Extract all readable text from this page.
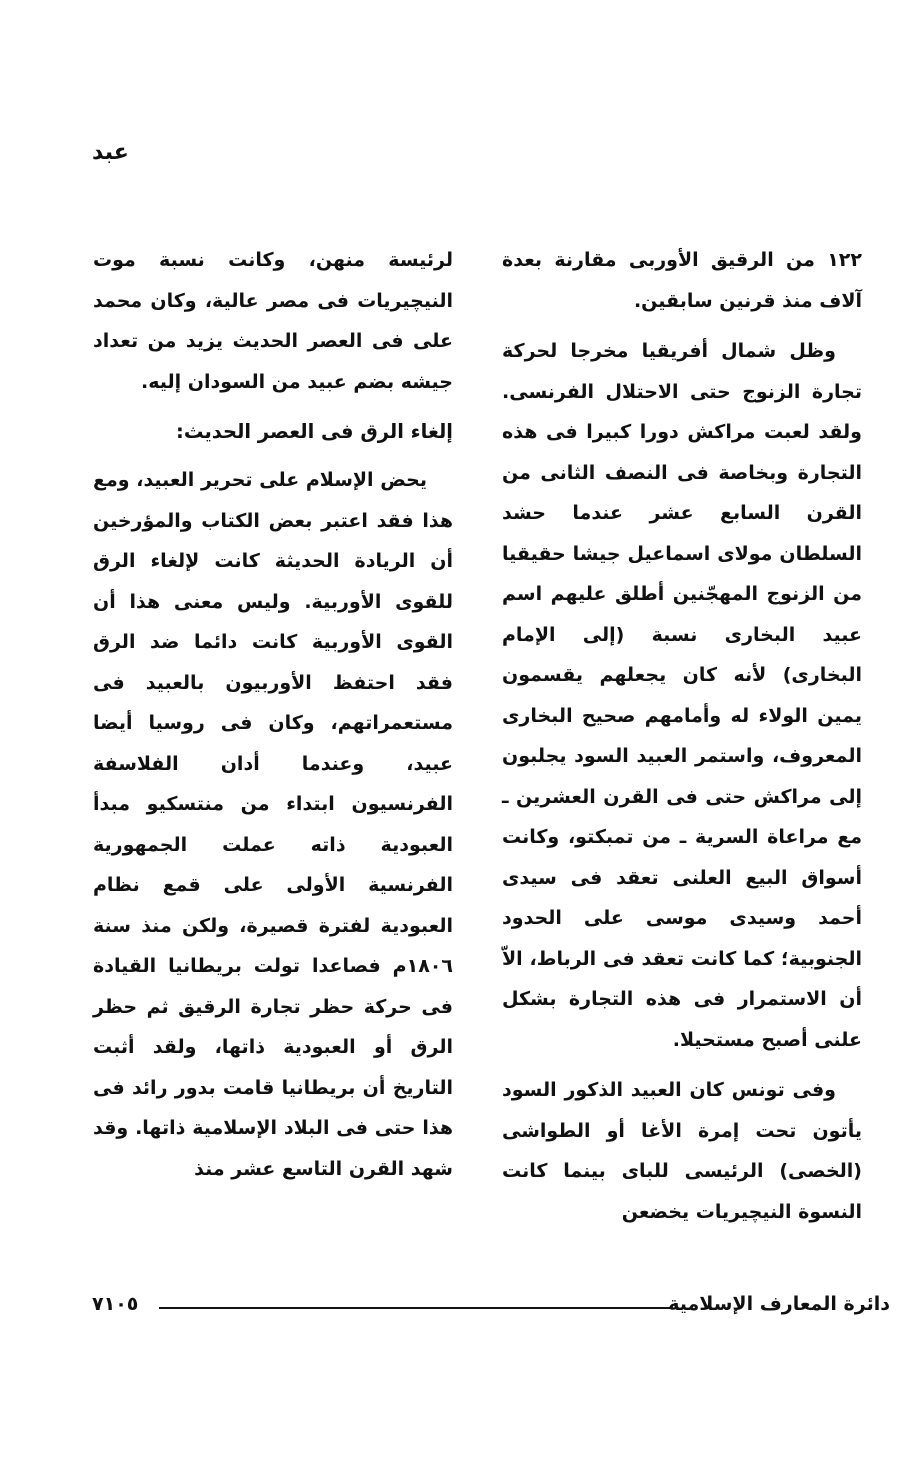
عبد

١٢٢ من الرقيق الأوربى مقارنة بعدة آلاف منذ قرنين سابقين.

وظل شمال أفريقيا مخرجا لحركة تجارة الزنوج حتى الاحتلال الفرنسى. ولقد لعبت مراكش دورا كبيرا فى هذه التجارة وبخاصة فى النصف الثانى من القرن السابع عشر عندما حشد السلطان مولاى اسماعيل جيشا حقيقيا من الزنوج المهجّنين أطلق عليهم اسم عبيد البخارى نسبة (إلى الإمام البخارى) لأنه كان يجعلهم يقسمون يمين الولاء له وأمامهم صحيح البخارى المعروف، واستمر العبيد السود يجلبون إلى مراكش حتى فى القرن العشرين ـ مع مراعاة السرية ـ من تمبكتو، وكانت أسواق البيع العلنى تعقد فى سيدى أحمد وسيدى موسى على الحدود الجنوبية؛ كما كانت تعقد فى الرباط، الاّ أن الاستمرار فى هذه التجارة بشكل علنى أصبح مستحيلا.

وفى تونس كان العبيد الذكور السود يأتون تحت إمرة الأغا أو الطواشى (الخصى) الرئيسى للباى بينما كانت النسوة النيچيريات يخضعن

لرئيسة منهن، وكانت نسبة موت النيچيريات فى مصر عالية، وكان محمد على فى العصر الحديث يزيد من تعداد جيشه بضم عبيد من السودان إليه.

إلغاء الرق فى العصر الحديث:

يحض الإسلام على تحرير العبيد، ومع هذا فقد اعتبر بعض الكتاب والمؤرخين أن الريادة الحديثة كانت لإلغاء الرق للقوى الأوربية. وليس معنى هذا أن القوى الأوربية كانت دائما ضد الرق فقد احتفظ الأوربيون بالعبيد فى مستعمراتهم، وكان فى روسيا أيضا عبيد، وعندما أدان الفلاسفة الفرنسيون ابتداء من منتسكيو مبدأ العبودية ذاته عملت الجمهورية الفرنسية الأولى على قمع نظام العبودية لفترة قصيرة، ولكن منذ سنة ١٨٠٦م فصاعدا تولت بريطانيا القيادة فى حركة حظر تجارة الرقيق ثم حظر الرق أو العبودية ذاتها، ولقد أثبت التاريخ أن بريطانيا قامت بدور رائد فى هذا حتى فى البلاد الإسلامية ذاتها. وقد شهد القرن التاسع عشر منذ

٧١٠٥	دائرة المعارف الإسلامية
